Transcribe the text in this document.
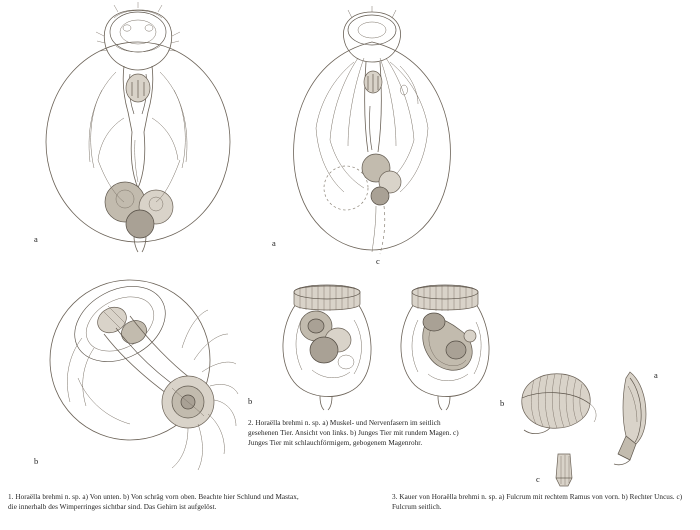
a
b
a
b
c
a
b
c
1. Horaëlla brehmi n. sp. a) Von unten. b) Von schräg vorn oben. Beachte hier Schlund und Mastax, die innerhalb des Wimperringes sichtbar sind. Das Gehirn ist aufgelöst.
2. Horaëlla brehmi n. sp. a) Muskel- und Nervenfasern im seitlich gesehenen Tier. Ansicht von links. b) Junges Tier mit rundem Magen. c) Junges Tier mit schlauchförmigem, gebogenem Magenrohr.
3. Kauer von Horaëlla brehmi n. sp. a) Fulcrum mit rechtem Ramus von vorn. b) Rechter Uncus. c) Fulcrum seitlich.
